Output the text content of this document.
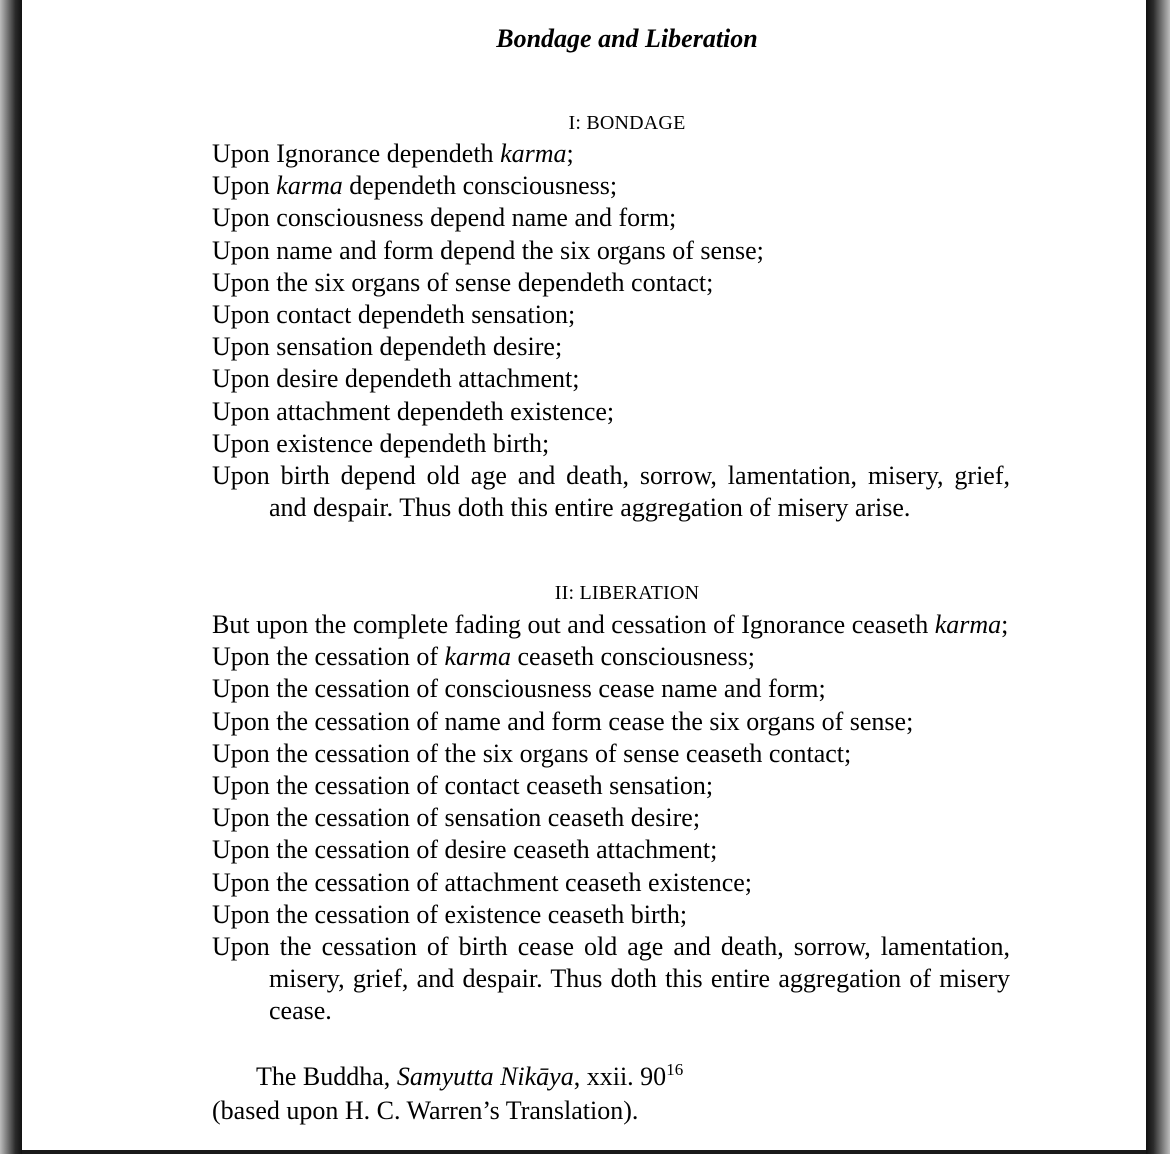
Bondage and Liberation
I: BONDAGE
Upon Ignorance dependeth karma;
Upon karma dependeth consciousness;
Upon consciousness depend name and form;
Upon name and form depend the six organs of sense;
Upon the six organs of sense dependeth contact;
Upon contact dependeth sensation;
Upon sensation dependeth desire;
Upon desire dependeth attachment;
Upon attachment dependeth existence;
Upon existence dependeth birth;
Upon birth depend old age and death, sorrow, lamentation, misery, grief, and despair. Thus doth this entire aggregation of misery arise.
II: LIBERATION
But upon the complete fading out and cessation of Ignorance ceaseth karma;
Upon the cessation of karma ceaseth consciousness;
Upon the cessation of consciousness cease name and form;
Upon the cessation of name and form cease the six organs of sense;
Upon the cessation of the six organs of sense ceaseth contact;
Upon the cessation of contact ceaseth sensation;
Upon the cessation of sensation ceaseth desire;
Upon the cessation of desire ceaseth attachment;
Upon the cessation of attachment ceaseth existence;
Upon the cessation of existence ceaseth birth;
Upon the cessation of birth cease old age and death, sorrow, lamentation, misery, grief, and despair. Thus doth this entire aggregation of misery cease.
The Buddha, Samyutta Nikāya, xxii. $90^{16}$
(based upon H. C. Warren’s Translation).
